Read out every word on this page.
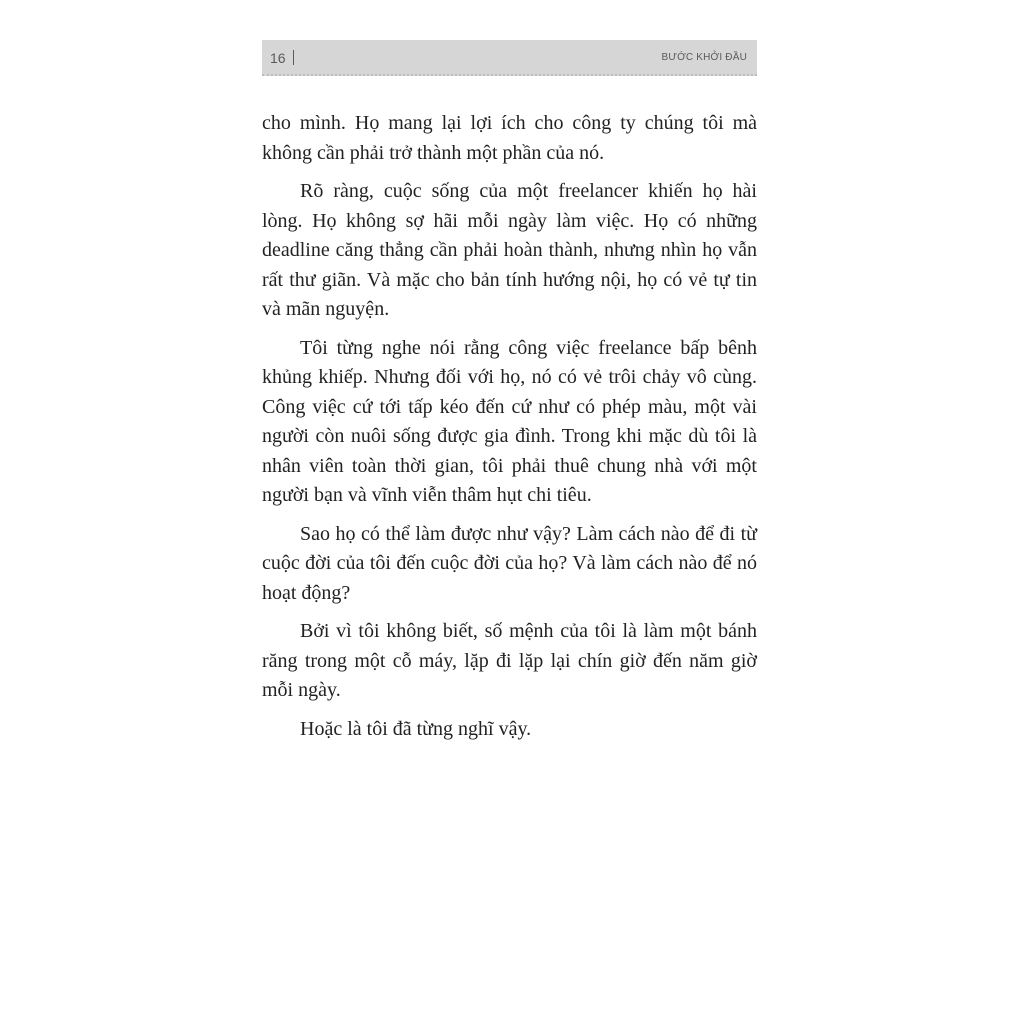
16	BƯỚC KHỞI ĐẦU

cho mình. Họ mang lại lợi ích cho công ty chúng tôi mà không cần phải trở thành một phần của nó.

Rõ ràng, cuộc sống của một freelancer khiến họ hài lòng. Họ không sợ hãi mỗi ngày làm việc. Họ có những deadline căng thẳng cần phải hoàn thành, nhưng nhìn họ vẫn rất thư giãn. Và mặc cho bản tính hướng nội, họ có vẻ tự tin và mãn nguyện.

Tôi từng nghe nói rằng công việc freelance bấp bênh khủng khiếp. Nhưng đối với họ, nó có vẻ trôi chảy vô cùng. Công việc cứ tới tấp kéo đến cứ như có phép màu, một vài người còn nuôi sống được gia đình. Trong khi mặc dù tôi là nhân viên toàn thời gian, tôi phải thuê chung nhà với một người bạn và vĩnh viễn thâm hụt chi tiêu.

Sao họ có thể làm được như vậy? Làm cách nào để đi từ cuộc đời của tôi đến cuộc đời của họ? Và làm cách nào để nó hoạt động?

Bởi vì tôi không biết, số mệnh của tôi là làm một bánh răng trong một cỗ máy, lặp đi lặp lại chín giờ đến năm giờ mỗi ngày.

Hoặc là tôi đã từng nghĩ vậy.
